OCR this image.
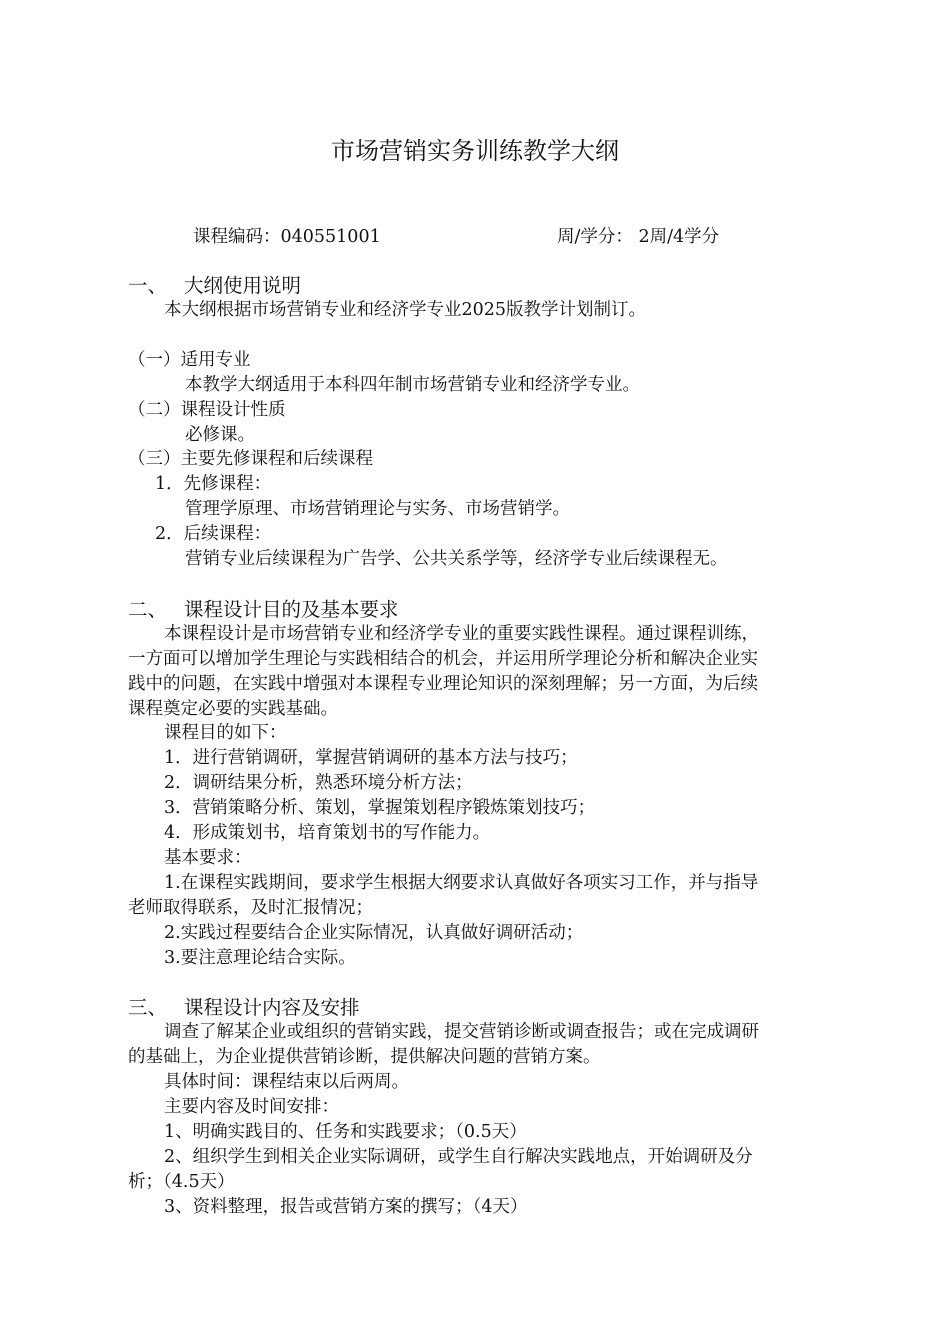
市场营销实务训练教学大纲
课程编码：040551001	周/学分： 2周/4学分
一、 大纲使用说明
本大纲根据市场营销专业和经济学专业2025版教学计划制订。
（一）适用专业
本教学大纲适用于本科四年制市场营销专业和经济学专业。
（二）课程设计性质
必修课。
（三）主要先修课程和后续课程
1．先修课程：
管理学原理、市场营销理论与实务、市场营销学。
2．后续课程：
营销专业后续课程为广告学、公共关系学等，经济学专业后续课程无。
二、 课程设计目的及基本要求
本课程设计是市场营销专业和经济学专业的重要实践性课程。通过课程训练，
一方面可以增加学生理论与实践相结合的机会，并运用所学理论分析和解决企业实
践中的问题，在实践中增强对本课程专业理论知识的深刻理解；另一方面，为后续
课程奠定必要的实践基础。
课程目的如下：
1．进行营销调研，掌握营销调研的基本方法与技巧；
2．调研结果分析，熟悉环境分析方法；
3．营销策略分析、策划，掌握策划程序锻炼策划技巧；
4．形成策划书，培育策划书的写作能力。
基本要求：
1.在课程实践期间，要求学生根据大纲要求认真做好各项实习工作，并与指导
老师取得联系，及时汇报情况；
2.实践过程要结合企业实际情况，认真做好调研活动；
3.要注意理论结合实际。
三、 课程设计内容及安排
调查了解某企业或组织的营销实践，提交营销诊断或调查报告；或在完成调研
的基础上，为企业提供营销诊断，提供解决问题的营销方案。
具体时间：课程结束以后两周。
主要内容及时间安排：
1、明确实践目的、任务和实践要求；（0.5天）
2、组织学生到相关企业实际调研，或学生自行解决实践地点，开始调研及分
析；（4.5天）
3、资料整理，报告或营销方案的撰写；（4天）
